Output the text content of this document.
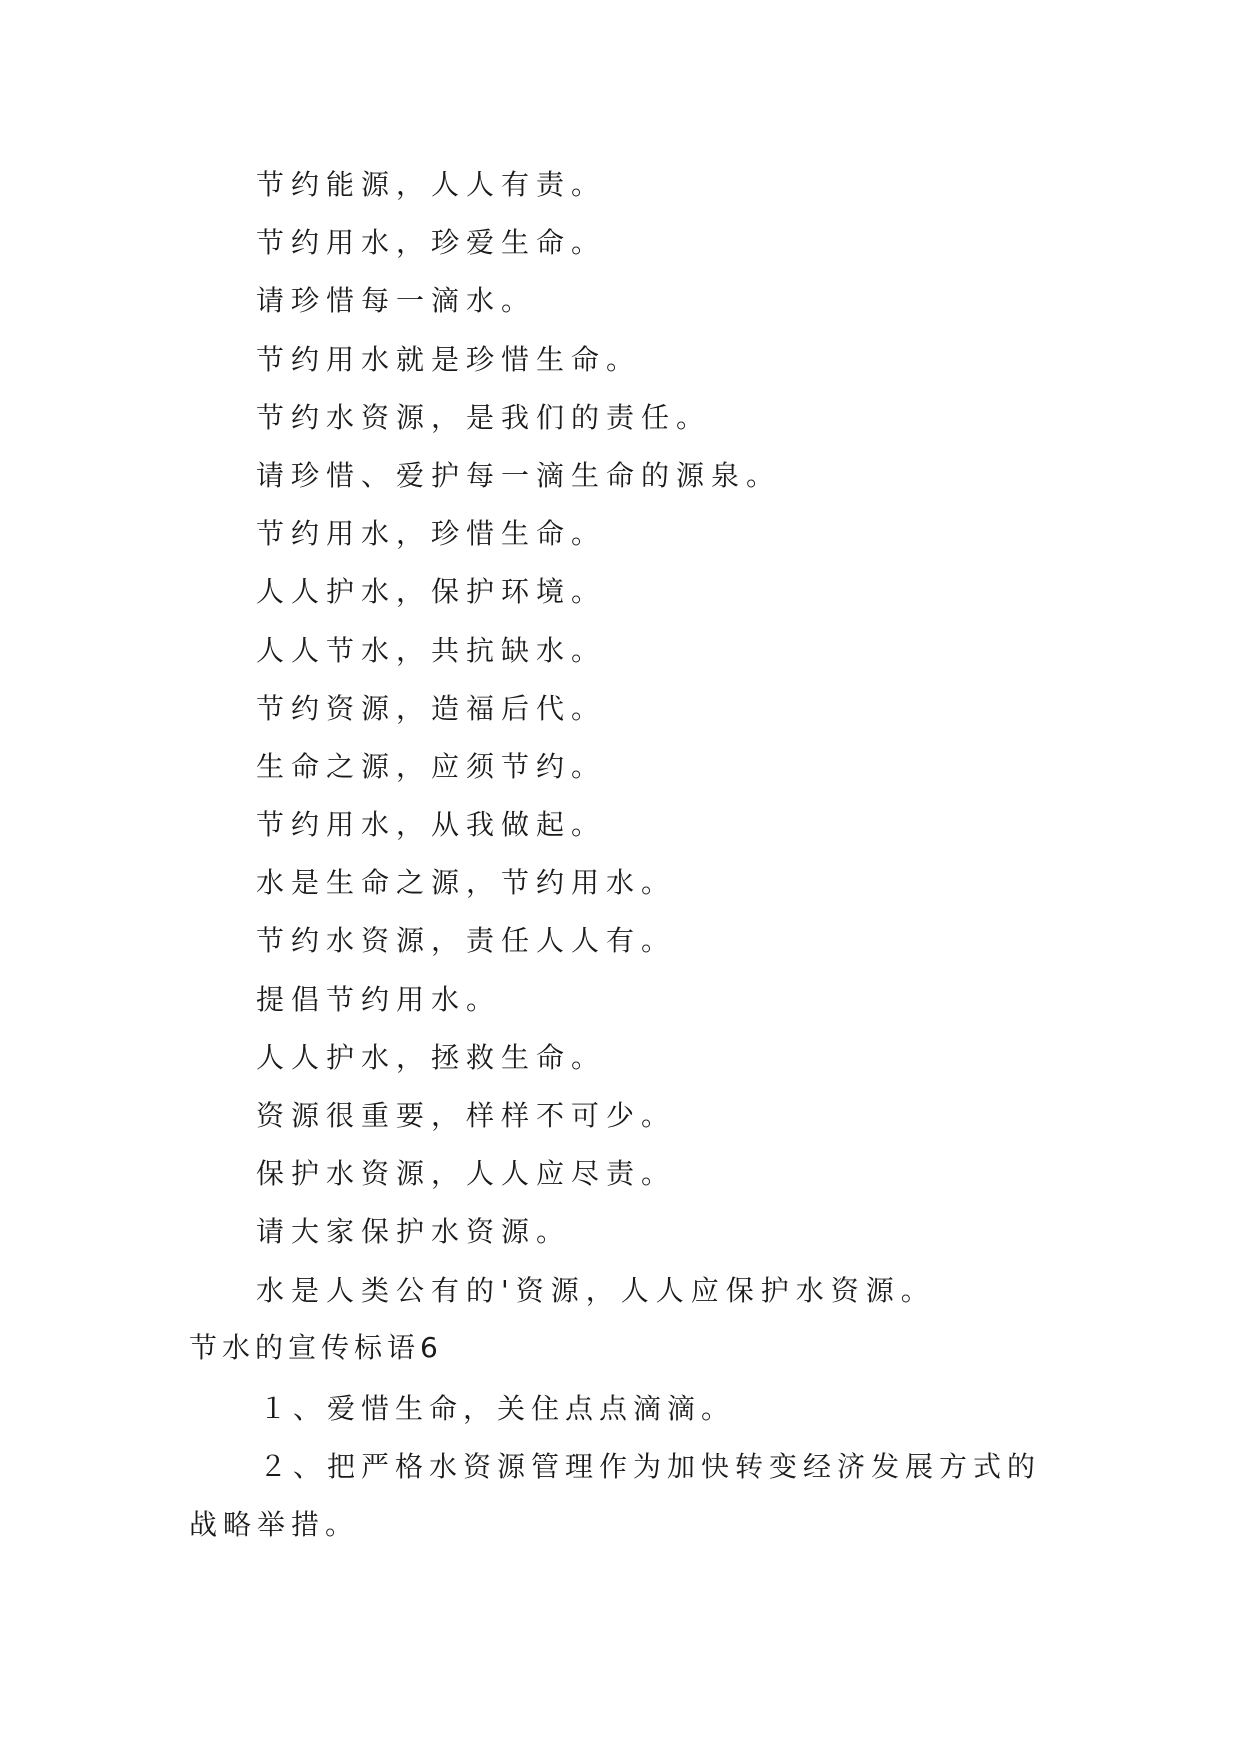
节约能源，人人有责。
节约用水，珍爱生命。
请珍惜每一滴水。
节约用水就是珍惜生命。
节约水资源，是我们的责任。
请珍惜、爱护每一滴生命的源泉。
节约用水，珍惜生命。
人人护水，保护环境。
人人节水，共抗缺水。
节约资源，造福后代。
生命之源，应须节约。
节约用水，从我做起。
水是生命之源，节约用水。
节约水资源，责任人人有。
提倡节约用水。
人人护水，拯救生命。
资源很重要，样样不可少。
保护水资源，人人应尽责。
请大家保护水资源。
水是人类公有的'资源，人人应保护水资源。
节水的宣传标语6

１、爱惜生命，关住点点滴滴。

２、把严格水资源管理作为加快转变经济发展方式的战略举措。
